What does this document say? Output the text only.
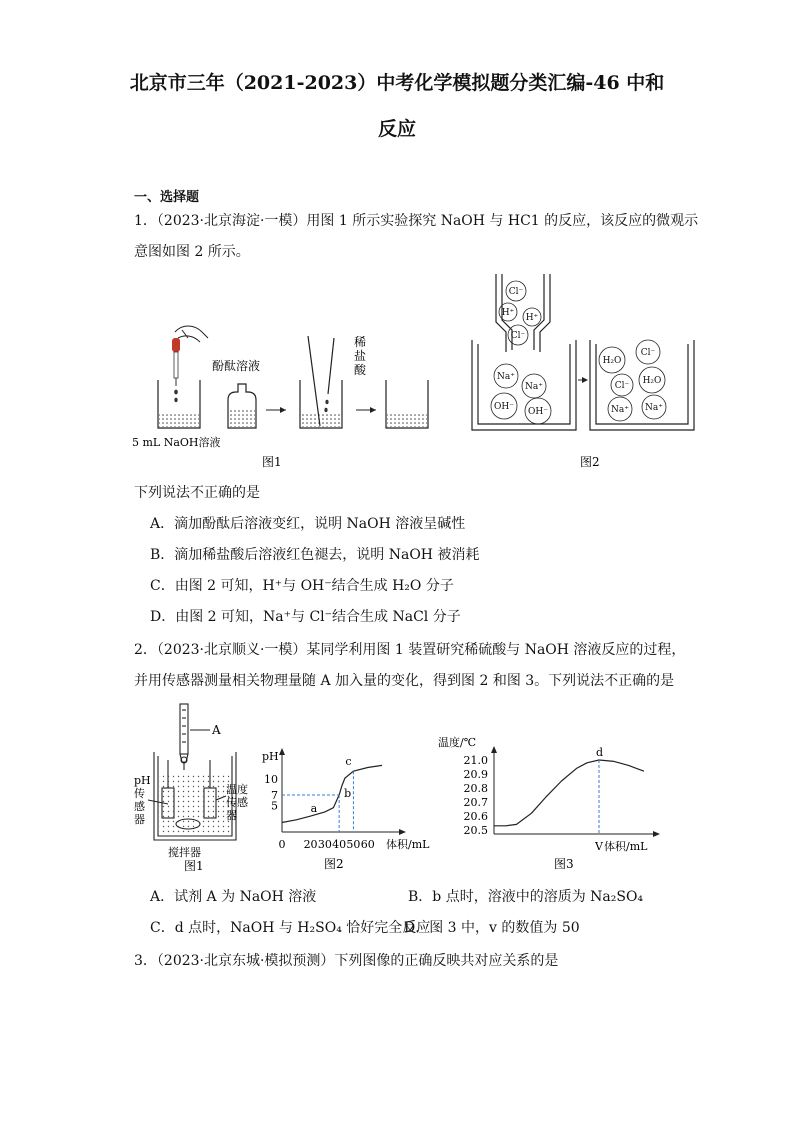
北京市三年（2021-2023）中考化学模拟题分类汇编-46 中和
反应
一、选择题
1．（2023·北京海淀·一模）用图 1 所示实验探究 NaOH 与 HC1 的反应，该反应的微观示
意图如图 2 所示。
酚酞溶液
稀
盐
酸
5 mL NaOH溶液
图1
Cl⁻
H⁺ H⁺
Cl⁻
Na⁺
Na⁺
OH⁻ OH⁻
H₂O
Cl⁻
Cl⁻ H₂O
Na⁺ Na⁺
图2
下列说法不正确的是
A．滴加酚酞后溶液变红，说明 NaOH 溶液呈碱性
B．滴加稀盐酸后溶液红色褪去，说明 NaOH 被消耗
C．由图 2 可知，H⁺与 OH⁻结合生成 H₂O 分子
D．由图 2 可知，Na⁺与 Cl⁻结合生成 NaCl 分子
2．（2023·北京顺义·一模）某同学利用图 1 装置研究稀硫酸与 NaOH 溶液反应的过程，
并用传感器测量相关物理量随 A 加入量的变化，得到图 2 和图 3。下列说法不正确的是
A
pH
传
感
器
温度
传感
器
搅拌器
图1
pH
体积/mL
图2
5
7
10
0 20 30 40 50 60
a
b
c
温度/℃
体积/mL
图3
20.5
20.6
20.7
20.8
20.9
21.0
d
V
A．试剂 A 为 NaOH 溶液	B．b 点时，溶液中的溶质为 Na₂SO₄
C．d 点时，NaOH 与 H₂SO₄ 恰好完全反应
D．图 3 中，v 的数值为 50
3．（2023·北京东城·模拟预测）下列图像的正确反映共对应关系的是
